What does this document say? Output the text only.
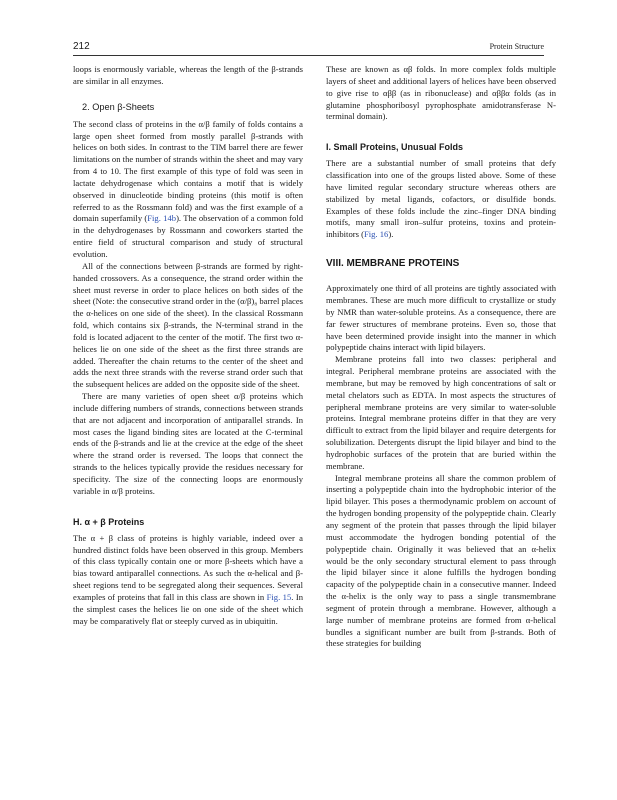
212	Protein Structure

loops is enormously variable, whereas the length of the β-strands are similar in all enzymes.

2. Open β-Sheets

The second class of proteins in the α/β family of folds contains a large open sheet formed from mostly parallel β-strands with helices on both sides. In contrast to the TIM barrel there are fewer limitations on the number of strands within the sheet and may vary from 4 to 10. The first example of this type of fold was seen in lactate dehydrogenase which contains a motif that is widely observed in dinucleotide binding proteins (this motif is often referred to as the Rossmann fold) and was the first example of a domain superfamily (Fig. 14b). The observation of a common fold in the dehydrogenases by Rossmann and coworkers started the entire field of structural comparison and study of structural evolution.

All of the connections between β-strands are formed by right-handed crossovers. As a consequence, the strand order within the sheet must reverse in order to place helices on both sides of the sheet (Note: the consecutive strand order in the (α/β)₈ barrel places the α-helices on one side of the sheet). In the classical Rossmann fold, which contains six β-strands, the N-terminal strand in the fold is located adjacent to the center of the motif. The first two α-helices lie on one side of the sheet as the first three strands are added. Thereafter the chain returns to the center of the sheet and adds the next three strands with the reverse strand order such that the subsequent helices are added on the opposite side of the sheet.

There are many varieties of open sheet α/β proteins which include differing numbers of strands, connections between strands that are not adjacent and incorporation of antiparallel strands. In most cases the ligand binding sites are located at the C-terminal ends of the β-strands and lie at the crevice at the edge of the sheet where the strand order is reversed. The loops that connect the strands to the helices typically provide the residues necessary for specificity. The size of the connecting loops are enormously variable in α/β proteins.

H. α + β Proteins

The α + β class of proteins is highly variable, indeed over a hundred distinct folds have been observed in this group. Members of this class typically contain one or more β-sheets which have a bias toward antiparallel connections. As such the α-helical and β-sheet regions tend to be segregated along their sequences. Several examples of proteins that fall in this class are shown in Fig. 15. In the simplest cases the helices lie on one side of the sheet which may be comparatively flat or steeply curved as in ubiquitin.

These are known as αβ folds. In more complex folds multiple layers of sheet and additional layers of helices have been observed to give rise to αββ (as in ribonuclease) and αββα folds (as in glutamine phosphoribosyl pyrophosphate amidotransferase N-terminal domain).

I. Small Proteins, Unusual Folds

There are a substantial number of small proteins that defy classification into one of the groups listed above. Some of these have limited regular secondary structure whereas others are stabilized by metal ligands, cofactors, or disulfide bonds. Examples of these folds include the zinc–finger DNA binding motifs, many small iron–sulfur proteins, toxins and protein-inhibitors (Fig. 16).

VIII. MEMBRANE PROTEINS

Approximately one third of all proteins are tightly associated with membranes. These are much more difficult to crystallize or study by NMR than water-soluble proteins. As a consequence, there are far fewer structures of membrane proteins. Even so, those that have been determined provide insight into the manner in which polypeptide chains interact with lipid bilayers.

Membrane proteins fall into two classes: peripheral and integral. Peripheral membrane proteins are associated with the membrane, but may be removed by high concentrations of salt or metal chelators such as EDTA. In most aspects the structures of peripheral membrane proteins are very similar to water-soluble proteins. Integral membrane proteins differ in that they are very difficult to extract from the lipid bilayer and require detergents for solubilization. Detergents disrupt the lipid bilayer and bind to the hydrophobic surfaces of the protein that are buried within the membrane.

Integral membrane proteins all share the common problem of inserting a polypeptide chain into the hydrophobic interior of the lipid bilayer. This poses a thermodynamic problem on account of the hydrogen bonding propensity of the polypeptide chain. Clearly any segment of the protein that passes through the lipid bilayer must accommodate the hydrogen bonding potential of the polypeptide chain. Originally it was believed that an α-helix would be the only secondary structural element to pass through the lipid bilayer since it alone fulfills the hydrogen bonding capacity of the polypeptide chain in a consecutive manner. Indeed the α-helix is the only way to pass a single transmembrane segment of protein through a membrane. However, although a large number of membrane proteins are formed from α-helical bundles a significant number are built from β-strands. Both of these strategies for building
